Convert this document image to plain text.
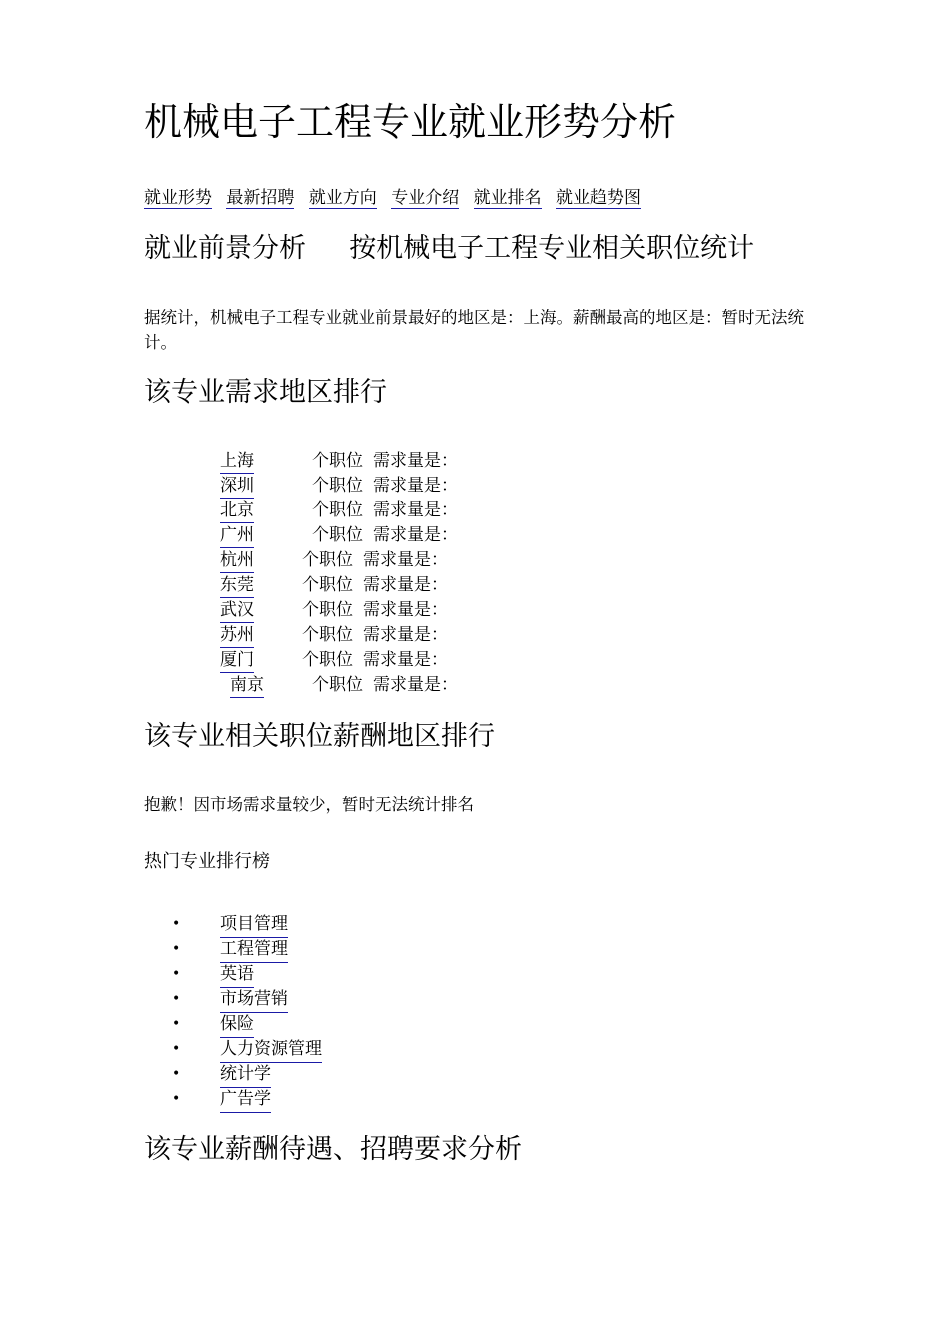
机械电子工程专业就业形势分析
就业形势 最新招聘 就业方向 专业介绍 就业排名 就业趋势图
就业前景分析 按机械电子工程专业相关职位统计

据统计，机械电子工程专业就业前景最好的地区是：上海。薪酬最高的地区是：暂时无法统计。

该专业需求地区排行
上海	个职位 需求量是：
深圳	个职位 需求量是：
北京	个职位 需求量是：
广州	个职位 需求量是：
杭州	个职位 需求量是：
东莞	个职位 需求量是：
武汉	个职位 需求量是：
苏州	个职位 需求量是：
厦门	个职位 需求量是：
南京	个职位 需求量是：
该专业相关职位薪酬地区排行

抱歉！因市场需求量较少，暂时无法统计排名

热门专业排行榜

• 项目管理
• 工程管理
• 英语
• 市场营销
• 保险
• 人力资源管理
• 统计学
• 广告学
该专业薪酬待遇、招聘要求分析
